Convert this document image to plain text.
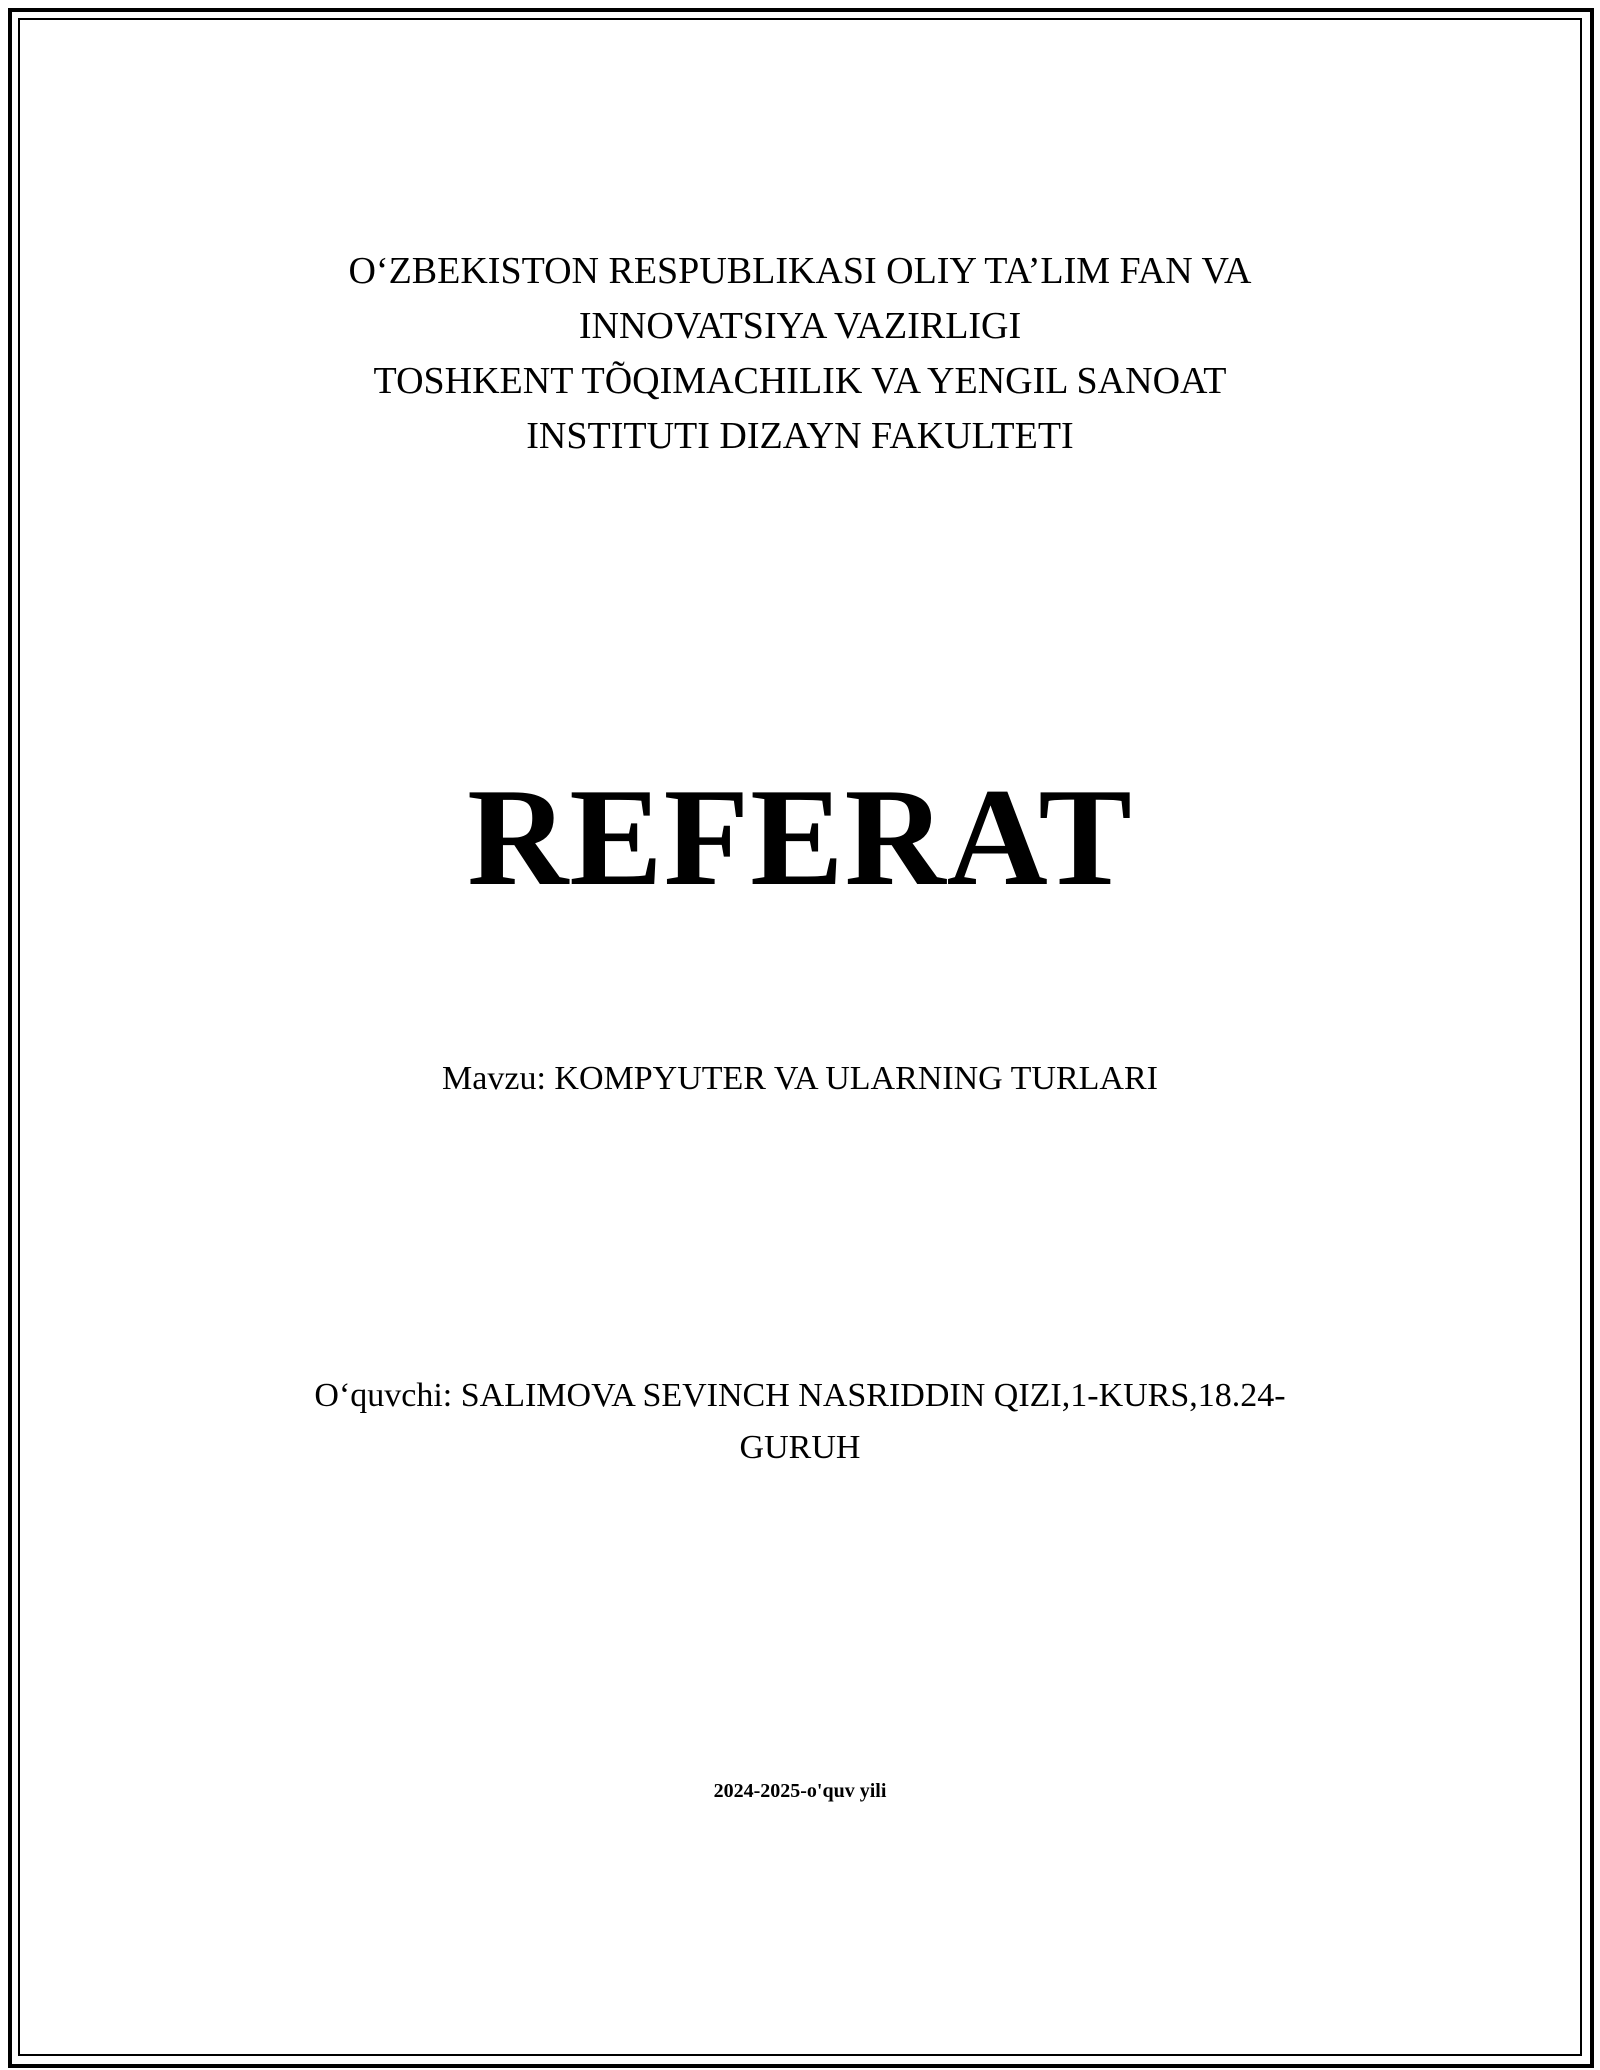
O‘ZBEKISTON RESPUBLIKASI OLIY TA’LIM FAN VA
INNOVATSIYA VAZIRLIGI
TOSHKENT TÕQIMACHILIK VA YENGIL SANOAT
INSTITUTI DIZAYN FAKULTETI
REFERAT
Mavzu: KOMPYUTER VA ULARNING TURLARI
O‘quvchi: SALIMOVA SEVINCH NASRIDDIN QIZI,1-KURS,18.24-
GURUH
2024-2025-o'quv yili
